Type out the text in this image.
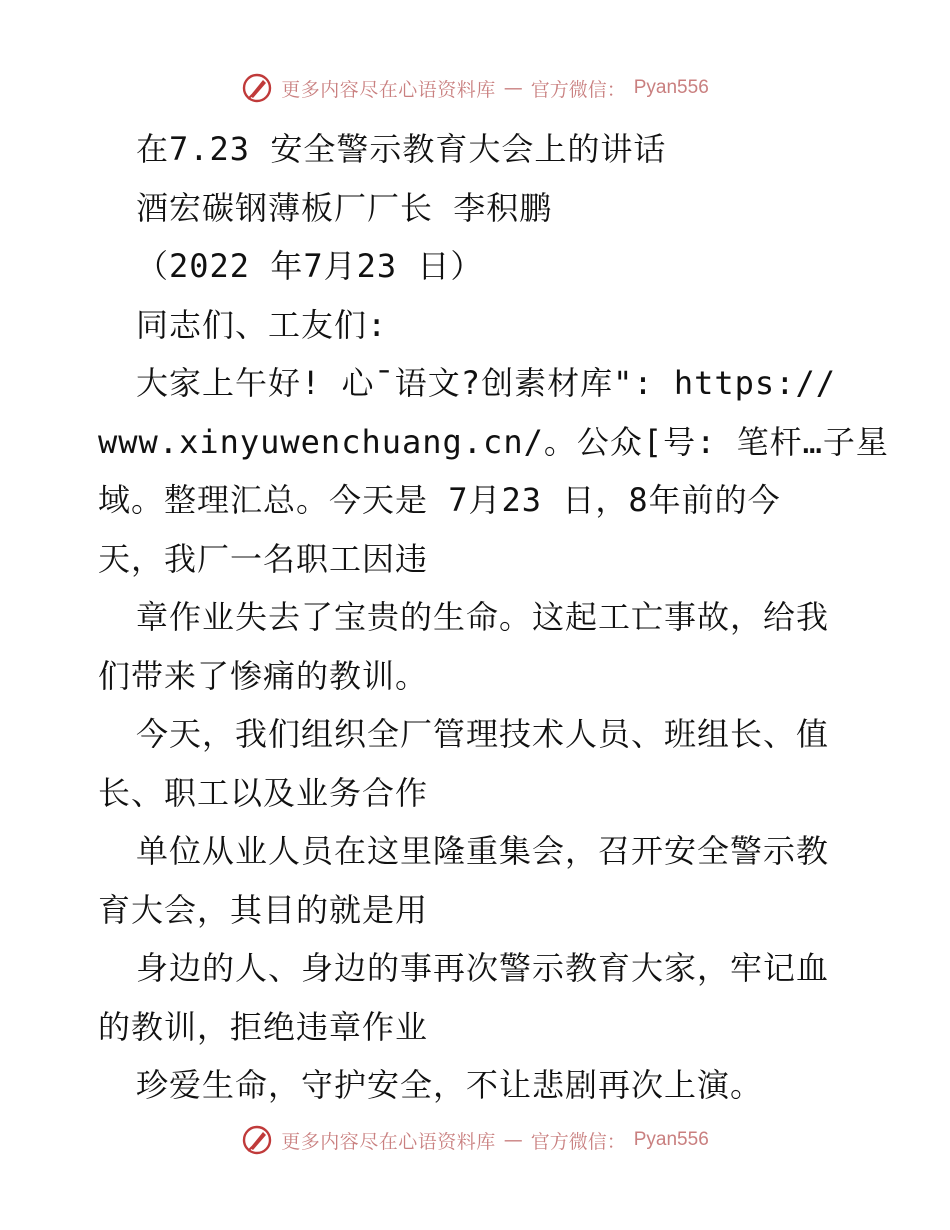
更多内容尽在心语资料库 — 官方微信： Pyan556
在7.23 安全警示教育大会上的讲话
酒宏碳钢薄板厂厂长 李积鹏
（2022 年7月23 日）
同志们、工友们:
大家上午好! 心¯语文?创素材库": https://
www.xinyuwenchuang.cn/。公众[号: 笔杆…子星
域。整理汇总。今天是 7月23 日，8年前的今
天，我厂一名职工因违
章作业失去了宝贵的生命。这起工亡事故，给我
们带来了惨痛的教训。
今天，我们组织全厂管理技术人员、班组长、值
长、职工以及业务合作
单位从业人员在这里隆重集会，召开安全警示教
育大会，其目的就是用
身边的人、身边的事再次警示教育大家，牢记血
的教训，拒绝违章作业
珍爱生命，守护安全，不让悲剧再次上演。
更多内容尽在心语资料库 — 官方微信： Pyan556
